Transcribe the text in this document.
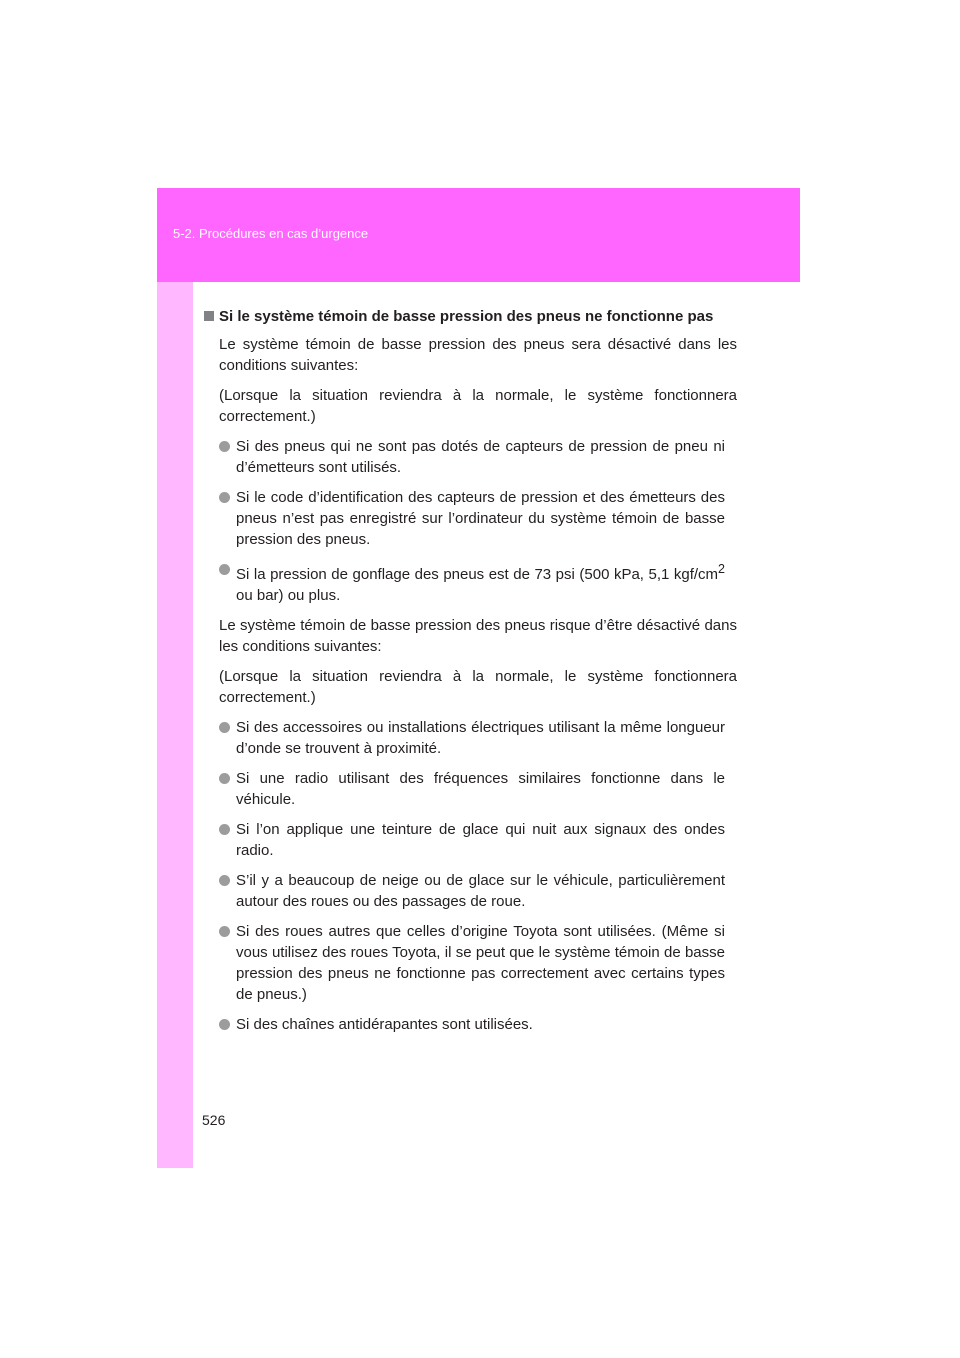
5-2. Procédures en cas d’urgence
Si le système témoin de basse pression des pneus ne fonctionne pas
Le système témoin de basse pression des pneus sera désactivé dans les conditions suivantes:
(Lorsque la situation reviendra à la normale, le système fonctionnera correctement.)
Si des pneus qui ne sont pas dotés de capteurs de pression de pneu ni d’émetteurs sont utilisés.
Si le code d’identification des capteurs de pression et des émetteurs des pneus n’est pas enregistré sur l’ordinateur du système témoin de basse pression des pneus.
Si la pression de gonflage des pneus est de 73 psi (500 kPa, 5,1 kgf/$cm^2$ ou bar) ou plus.
Le système témoin de basse pression des pneus risque d’être désactivé dans les conditions suivantes:
(Lorsque la situation reviendra à la normale, le système fonctionnera correctement.)
Si des accessoires ou installations électriques utilisant la même longueur d’onde se trouvent à proximité.
Si une radio utilisant des fréquences similaires fonctionne dans le véhicule.
Si l’on applique une teinture de glace qui nuit aux signaux des ondes radio.
S’il y a beaucoup de neige ou de glace sur le véhicule, particulièrement autour des roues ou des passages de roue.
Si des roues autres que celles d’origine Toyota sont utilisées. (Même si vous utilisez des roues Toyota, il se peut que le système témoin de basse pression des pneus ne fonctionne pas correctement avec certains types de pneus.)
Si des chaînes antidérapantes sont utilisées.
526
